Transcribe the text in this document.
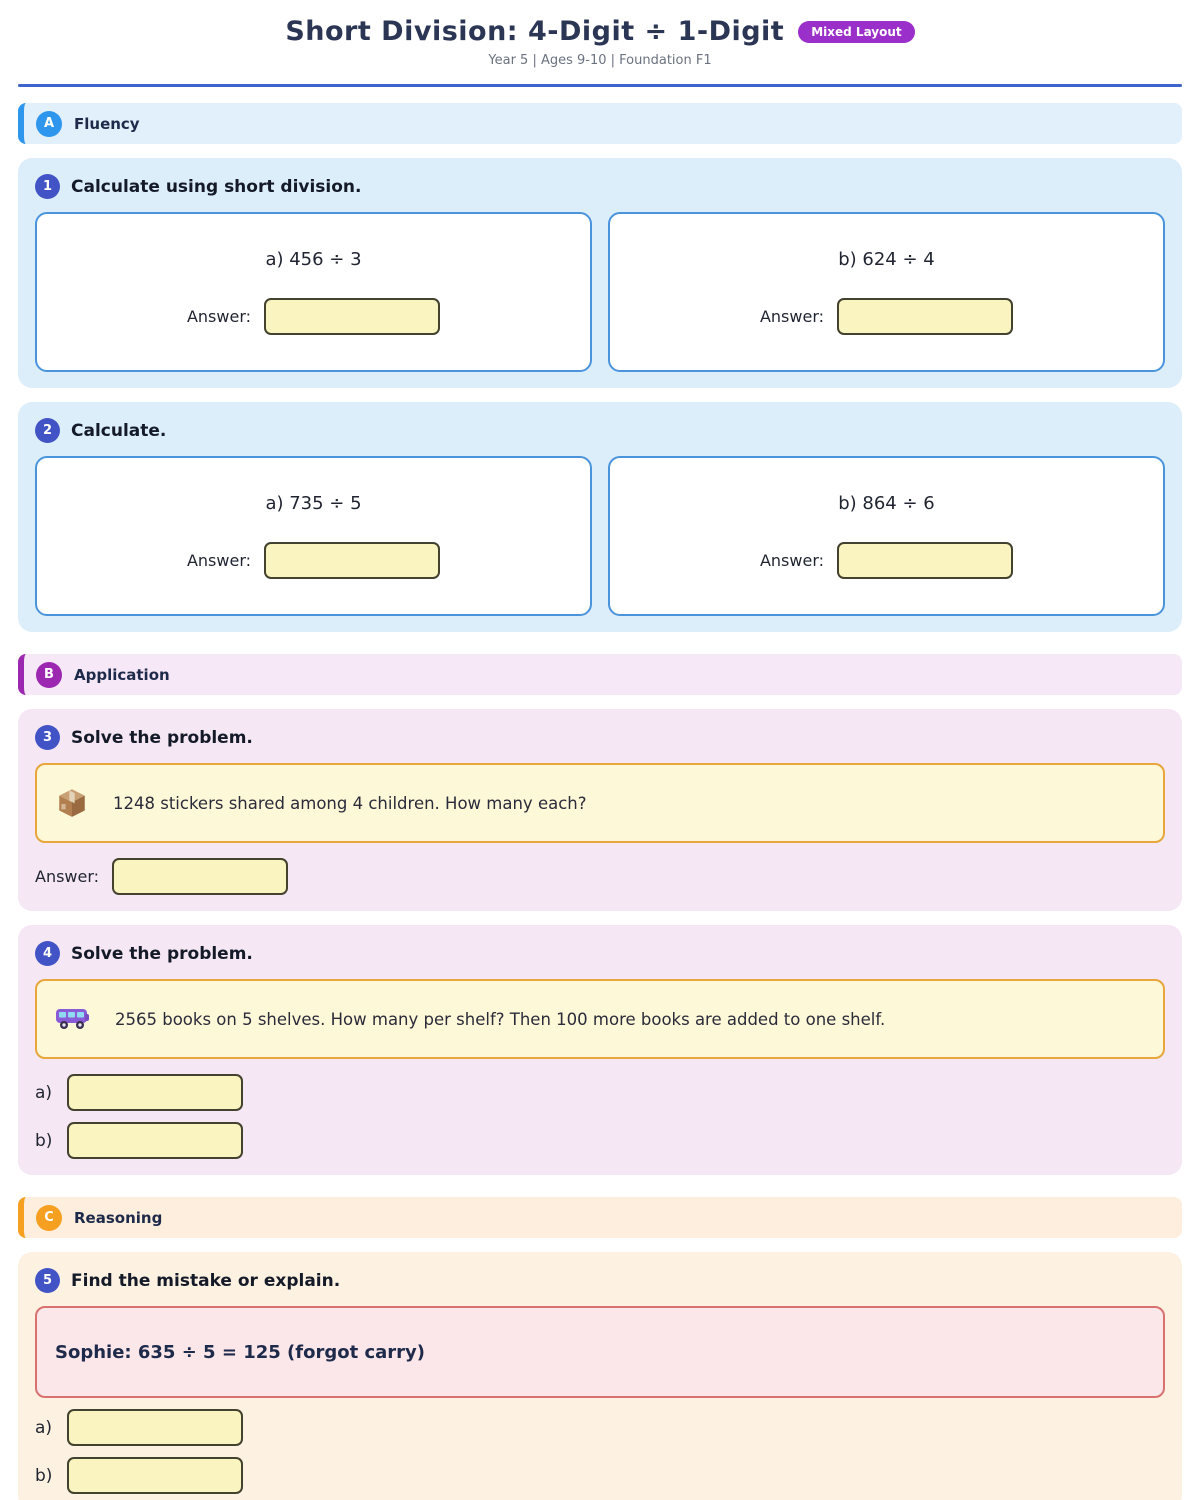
Short Division: 4-Digit ÷ 1-Digit	Mixed Layout
Year 5 | Ages 9-10 | Foundation F1
A	Fluency
1	Calculate using short division.
a) 456 ÷ 3
Answer:
b) 624 ÷ 4
Answer:
2	Calculate.
a) 735 ÷ 5
Answer:
b) 864 ÷ 6
Answer:
B	Application
3	Solve the problem.
1248 stickers shared among 4 children. How many each?
Answer:
4	Solve the problem.
2565 books on 5 shelves. How many per shelf? Then 100 more books are added to one shelf.
a)
b)
C	Reasoning
5	Find the mistake or explain.
Sophie: 635 ÷ 5 = 125 (forgot carry)
a)
b)
